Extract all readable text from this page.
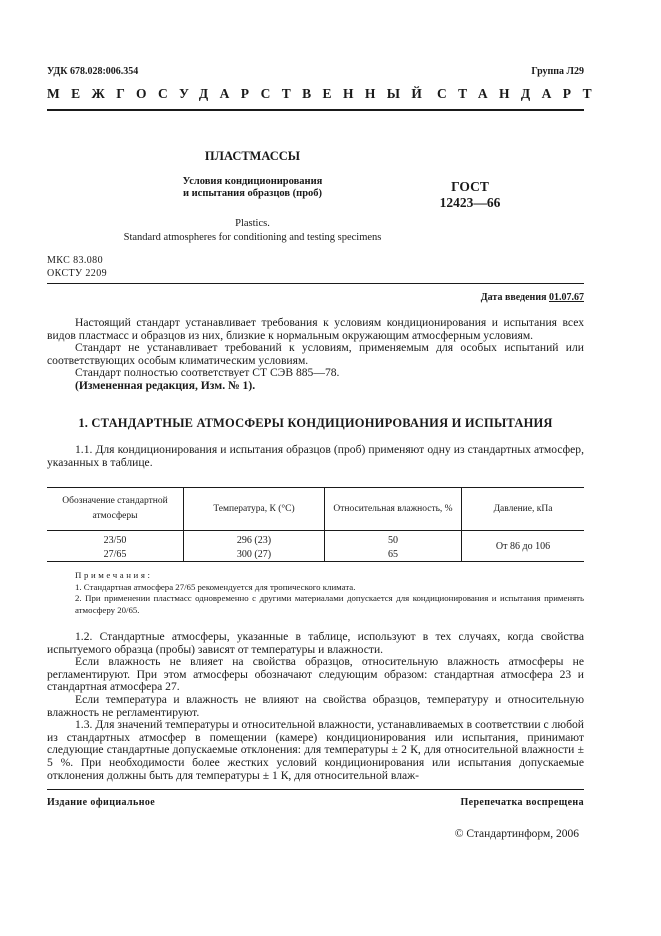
УДК 678.028:006.354	Группа Л29
МЕЖГОСУДАРСТВЕННЫЙ СТАНДАРТ
ПЛАСТМАССЫ
Условия кондиционирования
и испытания образцов (проб)	ГОСТ
12423—66
Plastics.
Standard atmospheres for conditioning and testing specimens
МКС 83.080
ОКСТУ 2209
Дата введения 01.07.67

Настоящий стандарт устанавливает требования к условиям кондиционирования и испытания всех видов пластмасс и образцов из них, близкие к нормальным окружающим атмосферным условиям.

Стандарт не устанавливает требований к условиям, применяемым для особых испытаний или соответствующих особым климатическим условиям.

Стандарт полностью соответствует СТ СЭВ 885—78.

(Измененная редакция, Изм. № 1).

1. СТАНДАРТНЫЕ АТМОСФЕРЫ КОНДИЦИОНИРОВАНИЯ И ИСПЫТАНИЯ

1.1. Для кондиционирования и испытания образцов (проб) применяют одну из стандартных атмосфер, указанных в таблице.

Обозначение стандартной атмосферы	Температура, К (°С)	Относительная влажность, %	Давление, кПа
23/50	296 (23)	50	От 86 до 106
27/65	300 (27)	65	
Примечания:
1. Стандартная атмосфера 27/65 рекомендуется для тропического климата.
2. При применении пластмасс одновременно с другими материалами допускается для кондиционирования и испытания применять атмосферу 20/65.

1.2. Стандартные атмосферы, указанные в таблице, используют в тех случаях, когда свойства испытуемого образца (пробы) зависят от температуры и влажности.

Если влажность не влияет на свойства образцов, относительную влажность атмосферы не регламентируют. При этом атмосферы обозначают следующим образом: стандартная атмосфера 23 и стандартная атмосфера 27.

Если температура и влажность не влияют на свойства образцов, температуру и относительную влажность не регламентируют.

1.3. Для значений температуры и относительной влажности, устанавливаемых в соответствии с любой из стандартных атмосфер в помещении (камере) кондиционирования или испытания, принимают следующие стандартные допускаемые отклонения: для температуры ± 2 К, для относительной влажности ± 5 %. При необходимости более жестких условий кондиционирования или испытания допускаемые отклонения должны быть для температуры ± 1 К, для относительной влаж-

Издание официальное	Перепечатка воспрещена
© Стандартинформ, 2006
